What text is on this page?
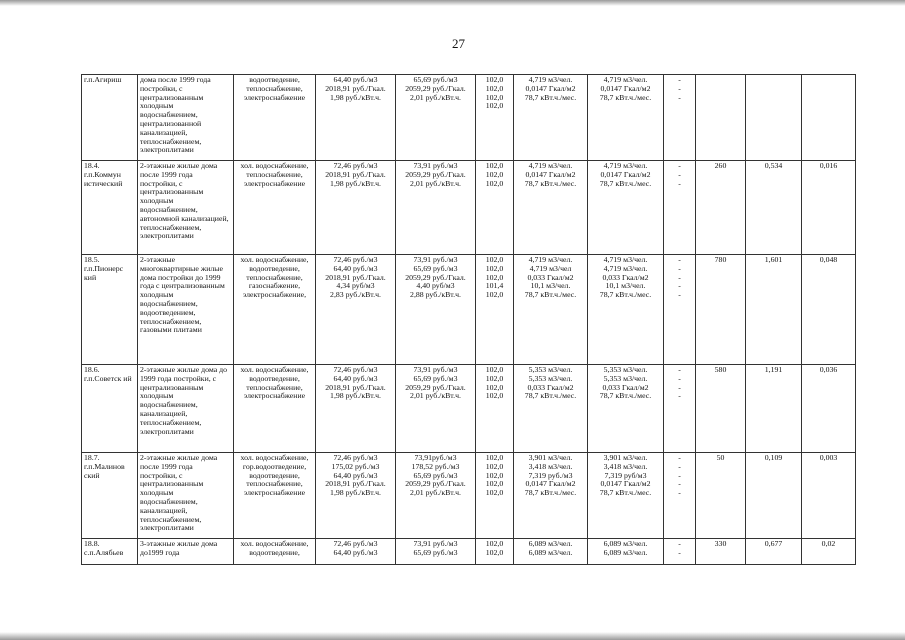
27
г.п.Агириш	дома после 1999 года постройки, с централизованным холодным водоснабжением, централизованной канализацией, теплоснабжением, электроплитами	водоотведение,
теплоснабжение,
электроснабжение	64,40 руб./м3
2018,91 руб./Гкал.
1,98 руб./кВт.ч.	65,69 руб./м3
2059,29 руб./Гкал.
2,01 руб./кВт.ч.	102,0
102,0
102,0
102,0	4,719 м3/чел.
0,0147 Гкал/м2
78,7 кВт.ч./мес.	4,719 м3/чел.
0,0147 Гкал/м2
78,7 кВт.ч./мес.	-
-
-			

18.4.
г.п.Коммун истический	2-этажные жилые дома после 1999 года постройки, с централизованным холодным водоснабжением, автономной канализацией, теплоснабжением, электроплитами	хол. водоснабжение,
теплоснабжение,
электроснабжение	72,46 руб./м3
2018,91 руб./Гкал.
1,98 руб./кВт.ч.	73,91 руб./м3
2059,29 руб./Гкал.
2,01 руб./кВт.ч.	102,0
102,0
102,0	4,719 м3/чел.
0,0147 Гкал/м2
78,7 кВт.ч./мес.	4,719 м3/чел.
0,0147 Гкал/м2
78,7 кВт.ч./мес.	-
-
-	260	0,534	0,016

18.5.
г.п.Пионерс кий	2-этажные многоквартирные жилые дома постройки до 1999 года с централизованным холодным водоснабжением, водоотведением, теплоснабжением, газовыми плитами	хол. водоснабжение,
водоотведение,
теплоснабжение,
газоснабжение,
электроснабжение,	72,46 руб./м3
64,40 руб./м3
2018,91 руб./Гкал.
4,34 руб/м3
2,83 руб./кВт.ч.	73,91 руб./м3
65,69 руб./м3
2059,29 руб./Гкал.
4,40 руб/м3
2,88 руб./кВт.ч.	102,0
102,0
102,0
101,4
102,0	4,719 м3/чел.
4,719 м3/чел
0,033 Гкал/м2
10,1 м3/чел.
78,7 кВт.ч./мес.	4,719 м3/чел.
4,719 м3/чел.
0,033 Гкал/м2
10,1 м3/чел.
78,7 кВт.ч./мес.	-
-
-
-
-	780	1,601	0,048

18.6.
г.п.Советск ий	2-этажные жилые дома до 1999 года постройки, с централизованным холодным водоснабжением, канализацией, теплоснабжением, электроплитами	хол. водоснабжение,
водоотведение,
теплоснабжение,
электроснабжение	72,46 руб./м3
64,40 руб./м3
2018,91 руб./Гкал.
1,98 руб./кВт.ч.	73,91 руб./м3
65,69 руб./м3
2059,29 руб./Гкал.
2,01 руб./кВт.ч.	102,0
102,0
102,0
102,0	5,353 м3/чел.
5,353 м3/чел.
0,033 Гкал/м2
78,7 кВт.ч./мес.	5,353 м3/чел.
5,353 м3/чел.
0,033 Гкал/м2
78,7 кВт.ч./мес.	-
-
-
-	580	1,191	0,036

18.7.
г.п.Малинов ский	2-этажные жилые дома после 1999 года постройки, с централизованным холодным водоснабжением, канализацией, теплоснабжением, электроплитами	хол. водоснабжение,
гор.водоотведение,
водоотведение,
теплоснабжение,
электроснабжение	72,46 руб./м3
175,02 руб./м3
64,40 руб./м3
2018,91 руб./Гкал.
1,98 руб./кВт.ч.	73,91руб./м3
178,52 руб./м3
65,69 руб./м3
2059,29 руб./Гкал.
2,01 руб./кВт.ч.	102,0
102,0
102,0
102,0
102,0	3,901 м3/чел.
3,418 м3/чел.
7,319 руб./м3
0,0147 Гкал/м2
78,7 кВт.ч./мес.	3,901 м3/чел.
3,418 м3/чел.
7,319 руб/м3
0,0147 Гкал/м2
78,7 кВт.ч./мес.	-
-
-
-
-	50	0,109	0,003

18.8.
с.п.Алябьев	3-этажные жилые дома до1999 года	хол. водоснабжение,
водоотведение,	72,46 руб./м3
64,40 руб./м3	73,91 руб./м3
65,69 руб./м3	102,0
102,0	6,089 м3/чел.
6,089 м3/чел.	6,089 м3/чел.
6,089 м3/чел.	-
-	330	0,677	0,02
